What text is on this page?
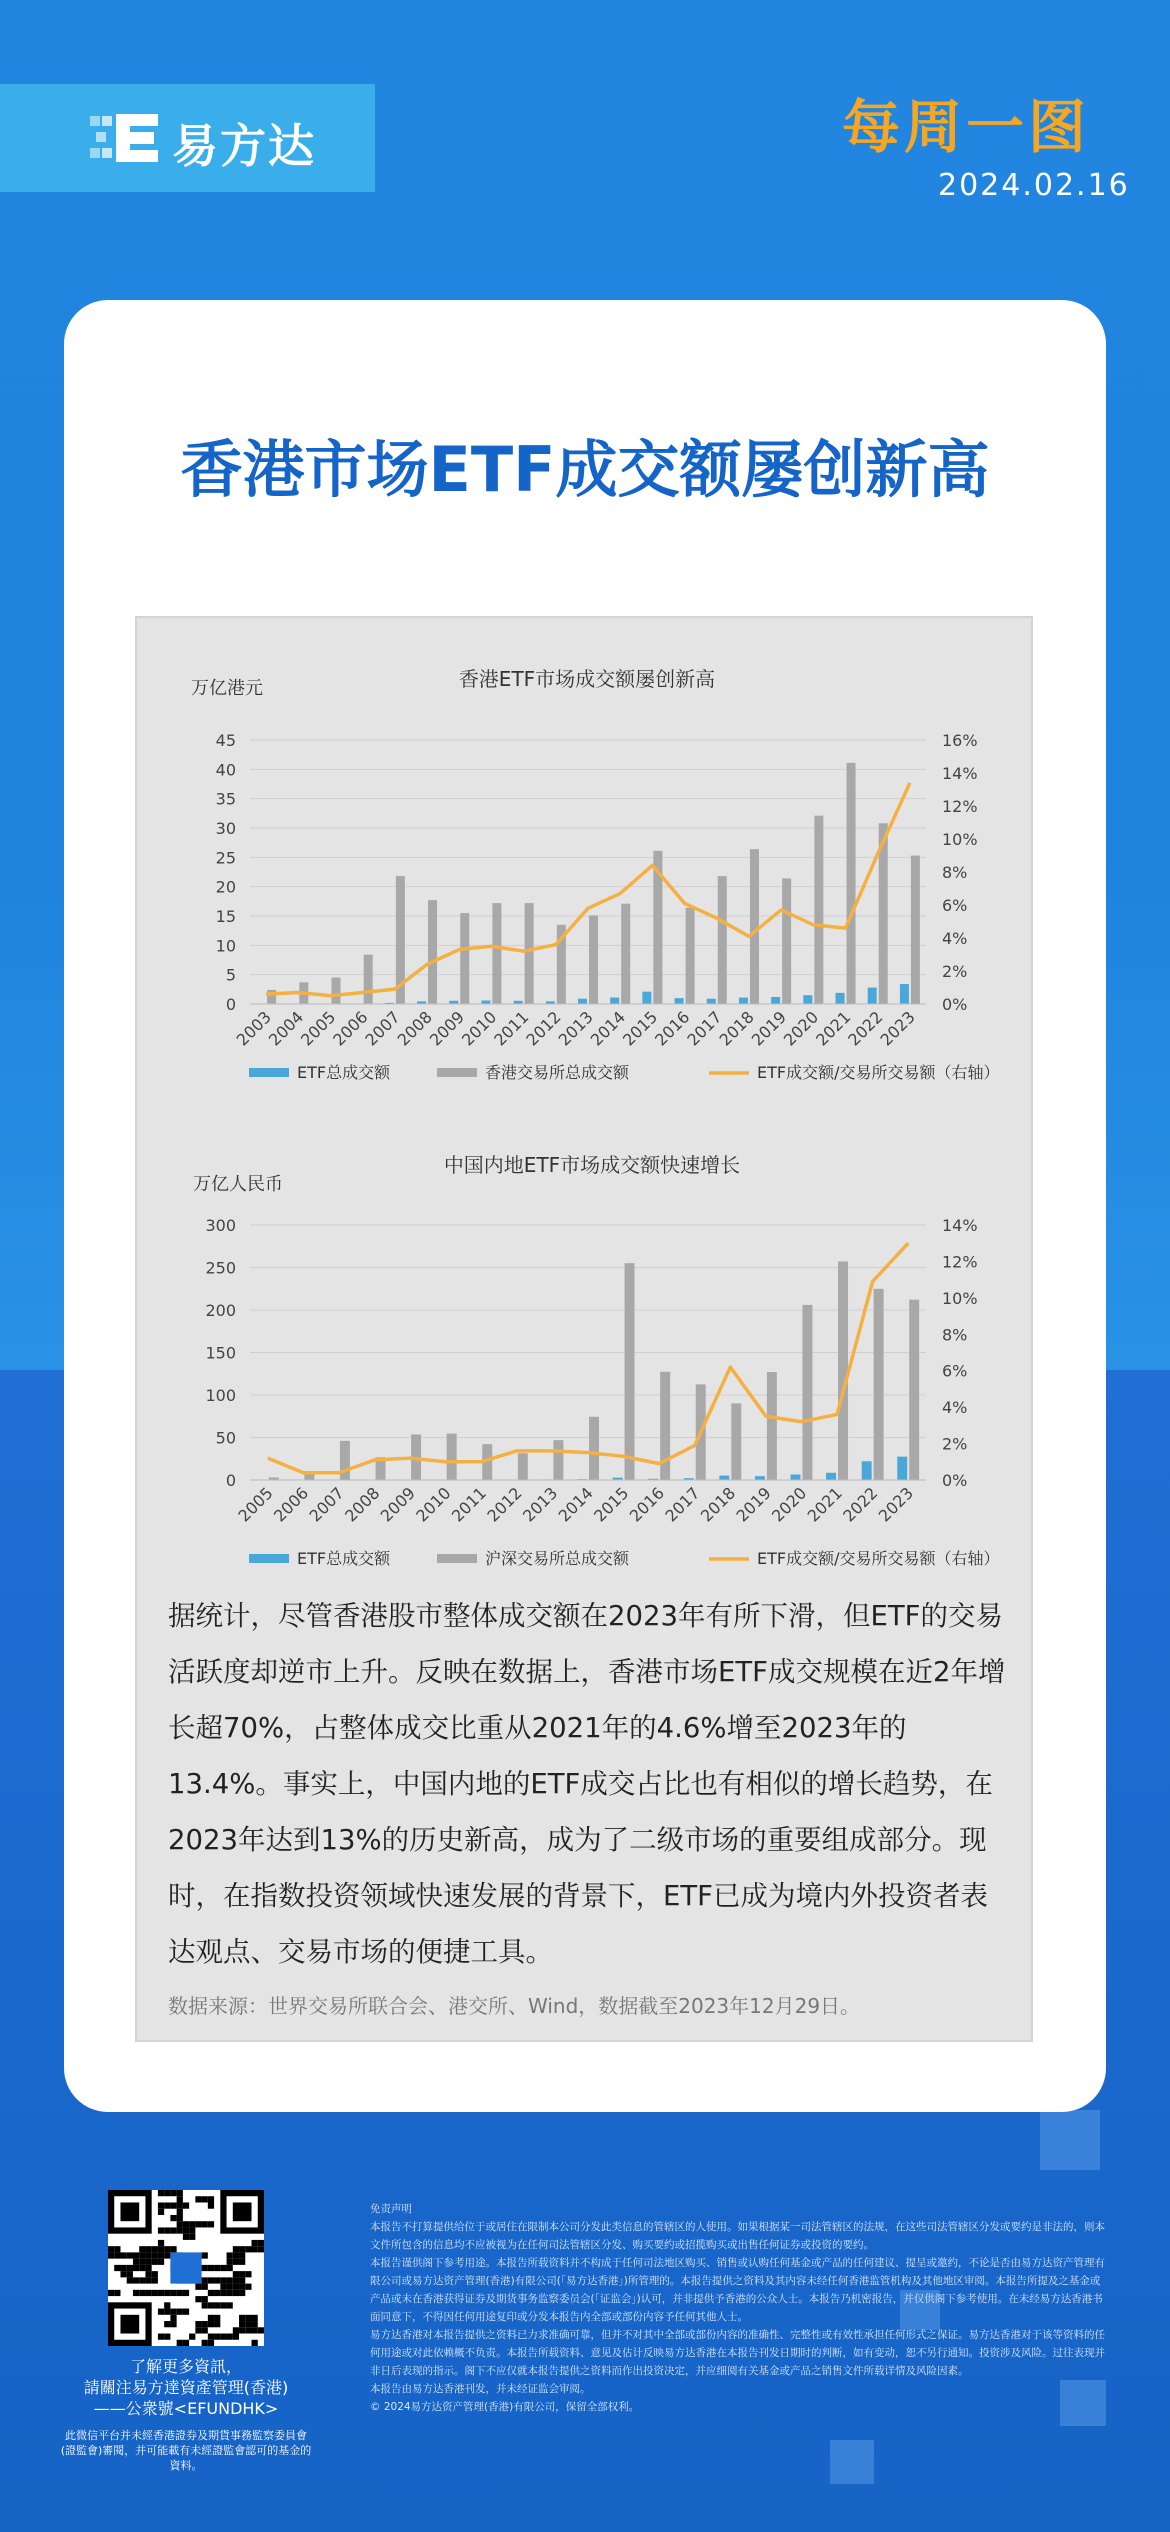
易方达	每周一图
2024.02.16
香港市场ETF成交额屡创新高
香港ETF市场成交额屡创新高
万亿港元
0
5
10
15
20
25
30
35
40
45
0%
2%
4%
6%
8%
10%
12%
14%
16%
2003
2004
2005
2006
2007
2008
2009
2010
2011
2012
2013
2014
2015
2016
2017
2018
2019
2020
2021
2022
2023
ETF总成交额	香港交易所总成交额	ETF成交额/交易所交易额（右轴）
中国内地ETF市场成交额快速增长
万亿人民币
0
50
100
150
200
250
300
0%
2%
4%
6%
8%
10%
12%
14%
2005
2006
2007
2008
2009
2010
2011
2012
2013
2014
2015
2016
2017
2018
2019
2020
2021
2022
2023
ETF总成交额	沪深交易所总成交额	ETF成交额/交易所交易额（右轴）
据统计，尽管香港股市整体成交额在2023年有所下滑，但ETF的交易活跃度却逆市上升。反映在数据上，香港市场ETF成交规模在近2年增长超70%，占整体成交比重从2021年的4.6%增至2023年的13.4%。事实上，中国内地的ETF成交占比也有相似的增长趋势，在2023年达到13%的历史新高，成为了二级市场的重要组成部分。现时，在指数投资领域快速发展的背景下，ETF已成为境内外投资者表达观点、交易市场的便捷工具。
数据来源：世界交易所联合会、港交所、Wind，数据截至2023年12月29日。
了解更多資訊，
請關注易方達資產管理(香港)
——公衆號<EFUNDHK>
此微信平台并未經香港證券及期貨事務監察委員會(證監會)審閱，并可能載有未經證監會認可的基金的資料。
免责声明
本报告不打算提供给位于或居住在限制本公司分发此类信息的管辖区的人使用。如果根据某一司法管辖区的法规，在这些司法管辖区分发或要约是非法的，则本文件所包含的信息均不应被视为在任何司法管辖区分发、购买要约或招揽购买或出售任何证券或投资的要约。
本报告谨供阁下参考用途。本报告所载资料并不构成于任何司法地区购买、销售或认购任何基金或产品的任何建议、提呈或邀约，不论是否由易方达资产管理有限公司或易方达资产管理(香港)有限公司(「易方达香港」)所管理的。本报告提供之资料及其内容未经任何香港监管机构及其他地区审阅。本报告所提及之基金或产品或未在香港获得证券及期货事务监察委员会(「证监会」)认可，并非提供予香港的公众人士。本报告乃机密报告，并仅供阁下参考使用。在未经易方达香港书面同意下，不得因任何用途复印或分发本报告内全部或部份内容予任何其他人士。
易方达香港对本报告提供之资料已力求准确可靠，但并不对其中全部或部份内容的准确性、完整性或有效性承担任何形式之保证。易方达香港对于该等资料的任何用途或对此依赖概不负责。本报告所载资料、意见及估计反映易方达香港在本报告刊发日期时的判断，如有变动，恕不另行通知。投资涉及风险。过往表现并非日后表现的指示。阁下不应仅就本报告提供之资料而作出投资决定，并应细阅有关基金或产品之销售文件所载详情及风险因素。
本报告由易方达香港刊发，并未经证监会审阅。
© 2024易方达资产管理(香港)有限公司，保留全部权利。
